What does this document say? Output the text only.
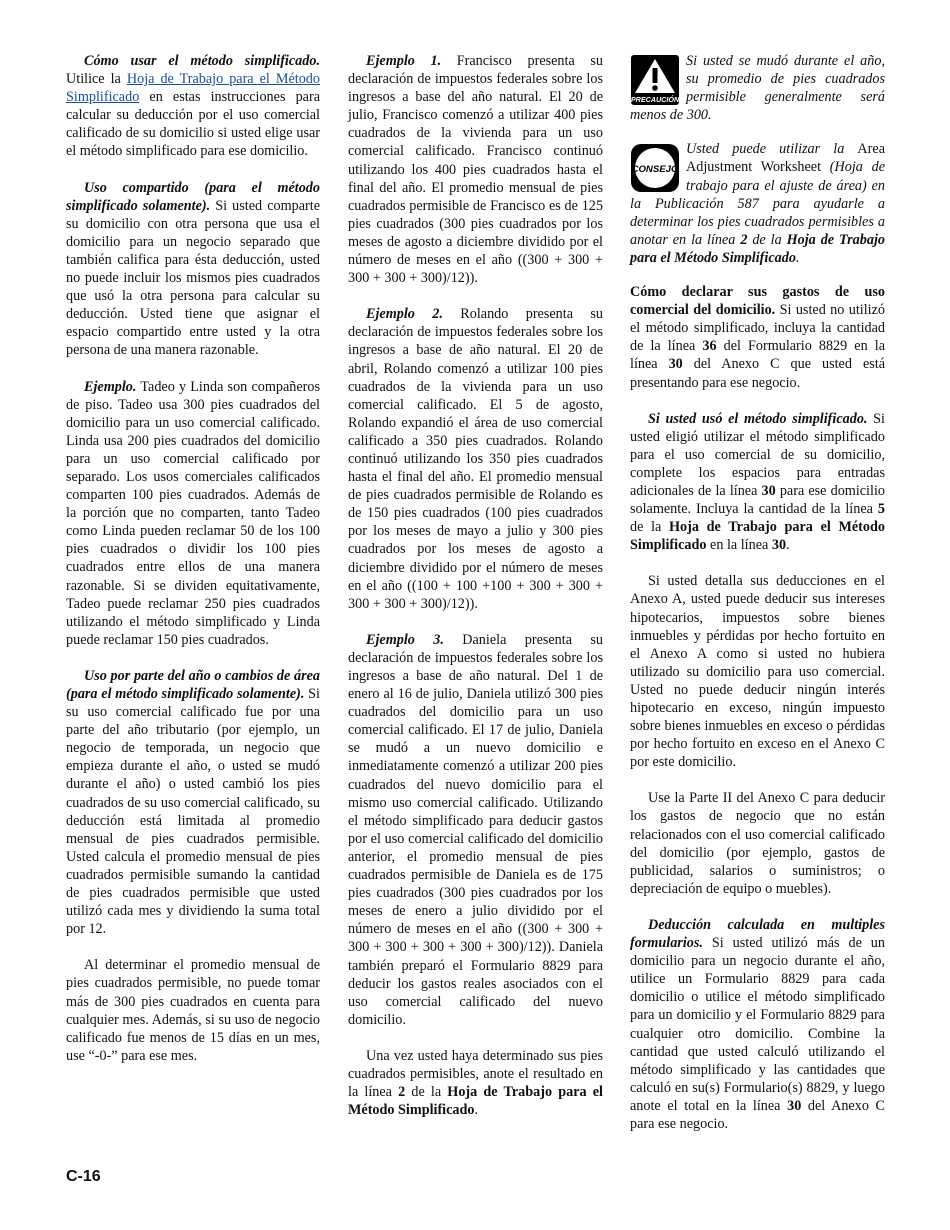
Cómo usar el método simplificado. Utilice la Hoja de Trabajo para el Método Simplificado en estas instrucciones para calcular su deducción por el uso comercial calificado de su domicilio si usted elige usar el método simplificado para ese domicilio.

Uso compartido (para el método simplificado solamente). Si usted comparte su domicilio con otra persona que usa el domicilio para un negocio separado que también califica para ésta deducción, usted no puede incluir los mismos pies cuadrados que usó la otra persona para calcular su deducción. Usted tiene que asignar el espacio compartido entre usted y la otra persona de una manera razonable.

Ejemplo. Tadeo y Linda son compañeros de piso. Tadeo usa 300 pies cuadrados del domicilio para un uso comercial calificado. Linda usa 200 pies cuadrados del domicilio para un uso comercial calificado por separado. Los usos comerciales calificados comparten 100 pies cuadrados. Además de la porción que no comparten, tanto Tadeo como Linda pueden reclamar 50 de los 100 pies cuadrados o dividir los 100 pies cuadrados entre ellos de una manera razonable. Si se dividen equitativamente, Tadeo puede reclamar 250 pies cuadrados utilizando el método simplificado y Linda puede reclamar 150 pies cuadrados.

Uso por parte del año o cambios de área (para el método simplificado solamente). Si su uso comercial calificado fue por una parte del año tributario (por ejemplo, un negocio de temporada, un negocio que empieza durante el año, o usted se mudó durante el año) o usted cambió los pies cuadrados de su uso comercial calificado, su deducción está limitada al promedio mensual de pies cuadrados permisible. Usted calcula el promedio mensual de pies cuadrados permisible sumando la cantidad de pies cuadrados permisible que usted utilizó cada mes y dividiendo la suma total por 12.

Al determinar el promedio mensual de pies cuadrados permisible, no puede tomar más de 300 pies cuadrados en cuenta para cualquier mes. Además, si su uso de negocio calificado fue menos de 15 días en un mes, use “-0-” para ese mes.

Ejemplo 1. Francisco presenta su declaración de impuestos federales sobre los ingresos a base del año natural. El 20 de julio, Francisco comenzó a utilizar 400 pies cuadrados de la vivienda para un uso comercial calificado. Francisco continuó utilizando los 400 pies cuadrados hasta el final del año. El promedio mensual de pies cuadrados permisible de Francisco es de 125 pies cuadrados (300 pies cuadrados por los meses de agosto a diciembre dividido por el número de meses en el año ((300 + 300 + 300 + 300 + 300)/12)).

Ejemplo 2. Rolando presenta su declaración de impuestos federales sobre los ingresos a base de año natural. El 20 de abril, Rolando comenzó a utilizar 100 pies cuadrados de la vivienda para un uso comercial calificado. El 5 de agosto, Rolando expandió el área de uso comercial calificado a 350 pies cuadrados. Rolando continuó utilizando los 350 pies cuadrados hasta el final del año. El promedio mensual de pies cuadrados permisible de Rolando es de 150 pies cuadrados (100 pies cuadrados por los meses de mayo a julio y 300 pies cuadrados por los meses de agosto a diciembre dividido por el número de meses en el año ((100 + 100 +100 + 300 + 300 + 300 + 300 + 300)/12)).

Ejemplo 3. Daniela presenta su declaración de impuestos federales sobre los ingresos a base de año natural. Del 1 de enero al 16 de julio, Daniela utilizó 300 pies cuadrados del domicilio para un uso comercial calificado. El 17 de julio, Daniela se mudó a un nuevo domicilio e inmediatamente comenzó a utilizar 200 pies cuadrados del nuevo domicilio para el mismo uso comercial calificado. Utilizando el método simplificado para deducir gastos por el uso comercial calificado del domicilio anterior, el promedio mensual de pies cuadrados permisible de Daniela es de 175 pies cuadrados (300 pies cuadrados por los meses de enero a julio dividido por el número de meses en el año ((300 + 300 + 300 + 300 + 300 + 300 + 300)/12)). Daniela también preparó el Formulario 8829 para deducir los gastos reales asociados con el uso comercial calificado del nuevo domicilio.

Una vez usted haya determinado sus pies cuadrados permisibles, anote el resultado en la línea 2 de la Hoja de Trabajo para el Método Simplificado.

PRECAUCIÓN
Si usted se mudó durante el año, su promedio de pies cuadrados permisible generalmente será menos de 300.
CONSEJO
Usted puede utilizar la Area Adjustment Worksheet (Hoja de trabajo para el ajuste de área) en la Publicación 587 para ayudarle a determinar los pies cuadrados permisibles a anotar en la línea 2 de la Hoja de Trabajo para el Método Simplificado.

Cómo declarar sus gastos de uso comercial del domicilio. Si usted no utilizó el método simplificado, incluya la cantidad de la línea 36 del Formulario 8829 en la línea 30 del Anexo C que usted está presentando para ese negocio.

Si usted usó el método simplificado. Si usted eligió utilizar el método simplificado para el uso comercial de su domicilio, complete los espacios para entradas adicionales de la línea 30 para ese domicilio solamente. Incluya la cantidad de la línea 5 de la Hoja de Trabajo para el Método Simplificado en la línea 30.

Si usted detalla sus deducciones en el Anexo A, usted puede deducir sus intereses hipotecarios, impuestos sobre bienes inmuebles y pérdidas por hecho fortuito en el Anexo A como si usted no hubiera utilizado su domicilio para uso comercial. Usted no puede deducir ningún interés hipotecario en exceso, ningún impuesto sobre bienes inmuebles en exceso o pérdidas por hecho fortuito en exceso en el Anexo C por este domicilio.

Use la Parte II del Anexo C para deducir los gastos de negocio que no están relacionados con el uso comercial calificado del domicilio (por ejemplo, gastos de publicidad, salarios o suministros; o depreciación de equipo o muebles).

Deducción calculada en multiples formularios. Si usted utilizó más de un domicilio para un negocio durante el año, utilice un Formulario 8829 para cada domicilio o utilice el método simplificado para un domicilio y el Formulario 8829 para cualquier otro domicilio. Combine la cantidad que usted calculó utilizando el método simplificado y las cantidades que calculó en su(s) Formulario(s) 8829, y luego anote el total en la línea 30 del Anexo C para ese negocio.

C-16
